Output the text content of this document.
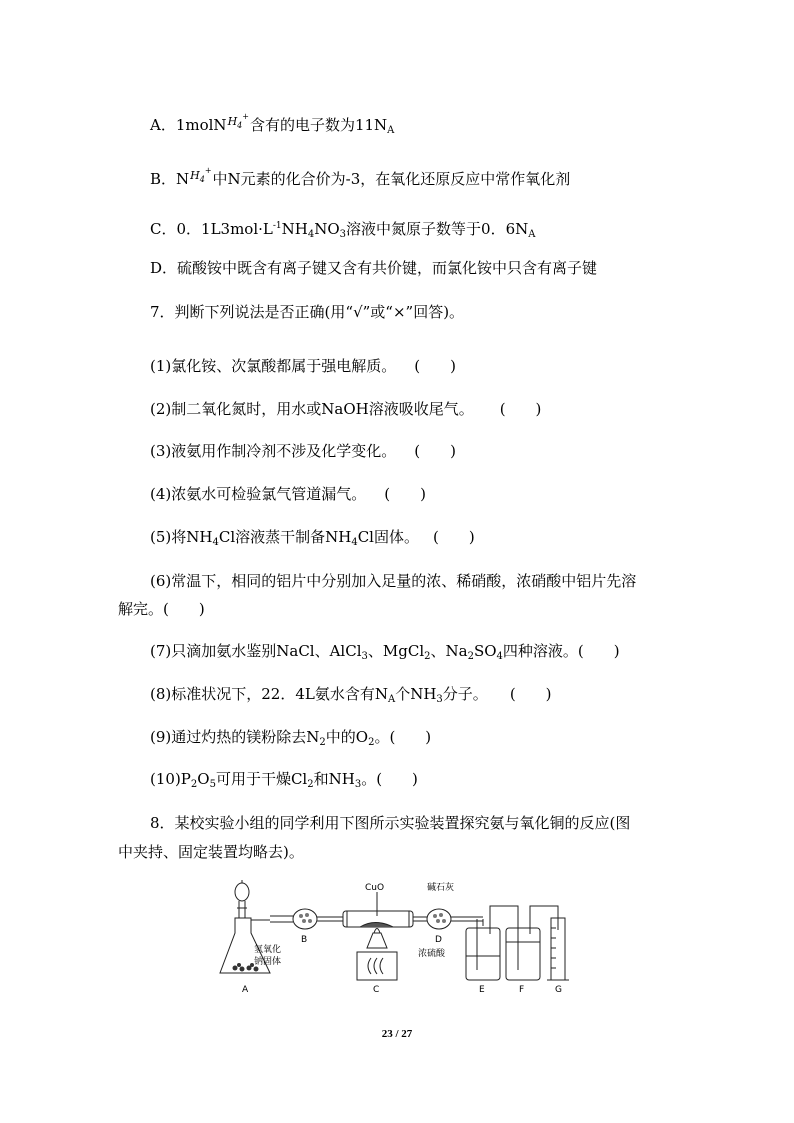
A．1molNH$_4$+含有的电子数为$11N_A$
B．$NH_4^+$中N元素的化合价为-3，在氧化还原反应中常作氧化剂
C．0．$1L3mol\cdot L^{-1}NH_4NO_3$溶液中氮原子数等于0．$6N_A$
D．硫酸铵中既含有离子键又含有共价键，而氯化铵中只含有离子键
7．判断下列说法是否正确(用“√”或“×”回答)。
(1)氯化铵、次氯酸都属于强电解质。 (　　)
(2)制二氧化氮时，用水或NaOH溶液吸收尾气。 (　　)
(3)液氨用作制冷剂不涉及化学变化。 (　　)
(4)浓氨水可检验氯气管道漏气。 (　　)
(5)将$NH_4Cl$溶液蒸干制备$NH_4Cl$固体。 (　　)
(6)常温下，相同的铝片中分别加入足量的浓、稀硝酸，浓硝酸中铝片先溶
解完。(　　)
(7)只滴加氨水鉴别NaCl、AlCl$_3$、MgCl$_2$、$Na_2SO_4$四种溶液。(　　)
(8)标准状况下，22．4L氨水含有$N_A$个$NH_3$分子。 (　　)
(9)通过灼热的镁粉除去$N_2$中的$O_2$。(　　)
$(10)P_2O_5$可用于干燥$Cl_2$和$NH_3$。(　　)
8．某校实验小组的同学利用下图所示实验装置探究氨与氧化铜的反应(图
中夹持、固定装置均略去)。
CuO	碱石灰
氢氧化
钠固体
浓硫酸
A
B
C
D
E	F	G
23 / 27
